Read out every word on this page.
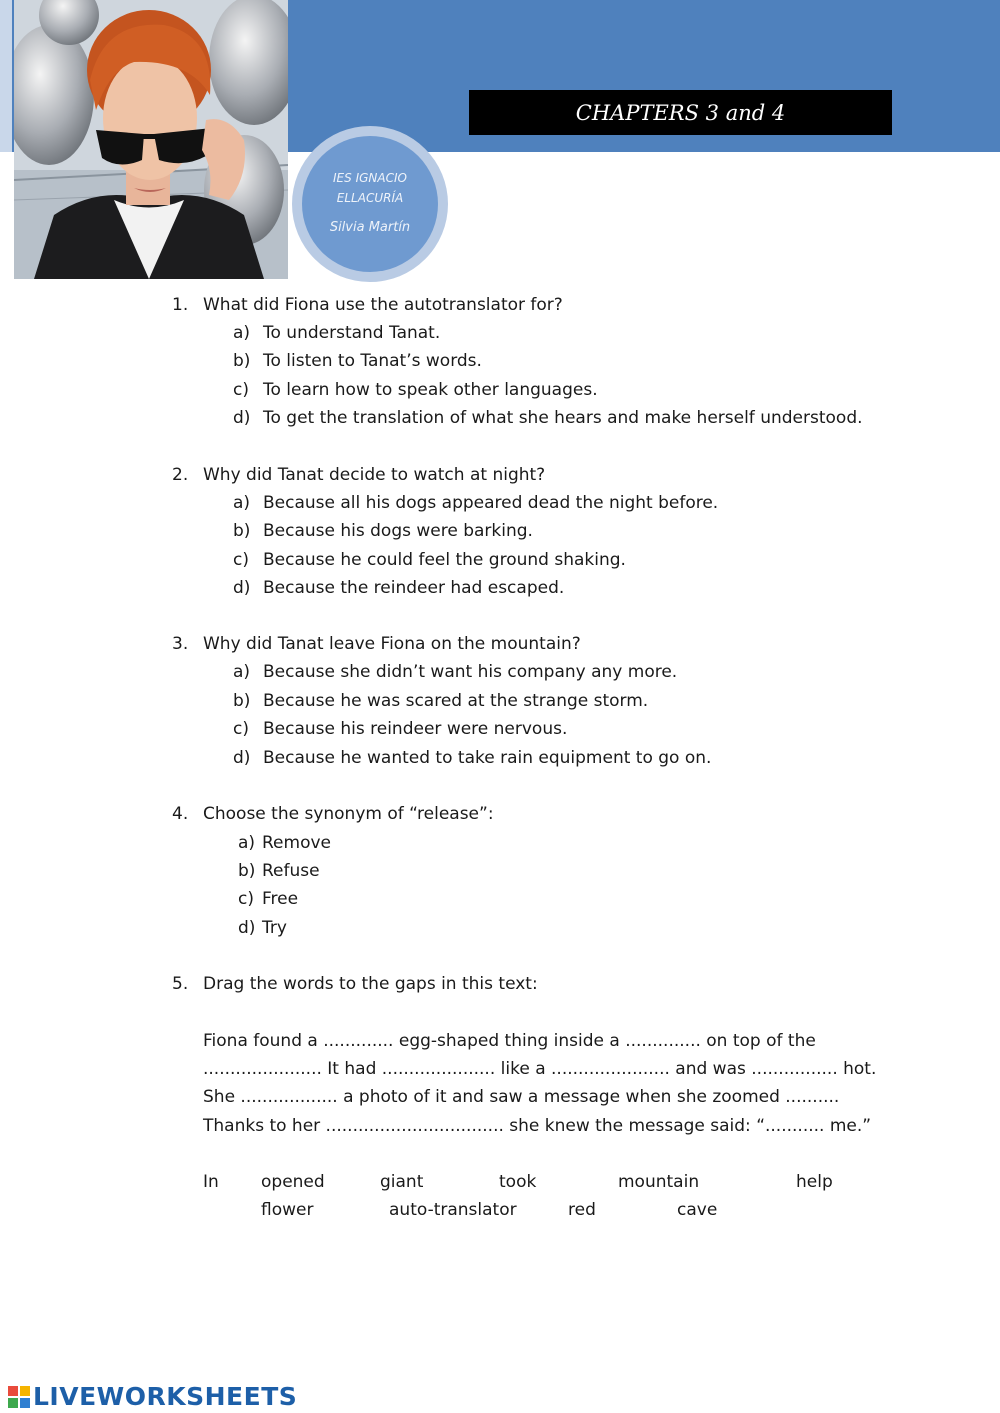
CHAPTERS 3 and 4
IES IGNACIO
ELLACURÍA
Silvia Martín
1. What did Fiona use the autotranslator for?
a) To understand Tanat.
b) To listen to Tanat’s words.
c) To learn how to speak other languages.
d) To get the translation of what she hears and make herself understood.
2. Why did Tanat decide to watch at night?
a) Because all his dogs appeared dead the night before.
b) Because his dogs were barking.
c) Because he could feel the ground shaking.
d) Because the reindeer had escaped.
3. Why did Tanat leave Fiona on the mountain?
a) Because she didn’t want his company any more.
b) Because he was scared at the strange storm.
c) Because his reindeer were nervous.
d) Because he wanted to take rain equipment to go on.
4. Choose the synonym of “release”:
a) Remove
b) Refuse
c) Free
d) Try
5. Drag the words to the gaps in this text:
Fiona found a ............. egg-shaped thing inside a .............. on top of the
...................... It had ..................... like a ...................... and was ................ hot.
She .................. a photo of it and saw a message when she zoomed ..........
Thanks to her ................................. she knew the message said: “........... me.”
In opened	giant	took	mountain	help
flower	auto-translator	red	cave
LIVEWORKSHEETS
